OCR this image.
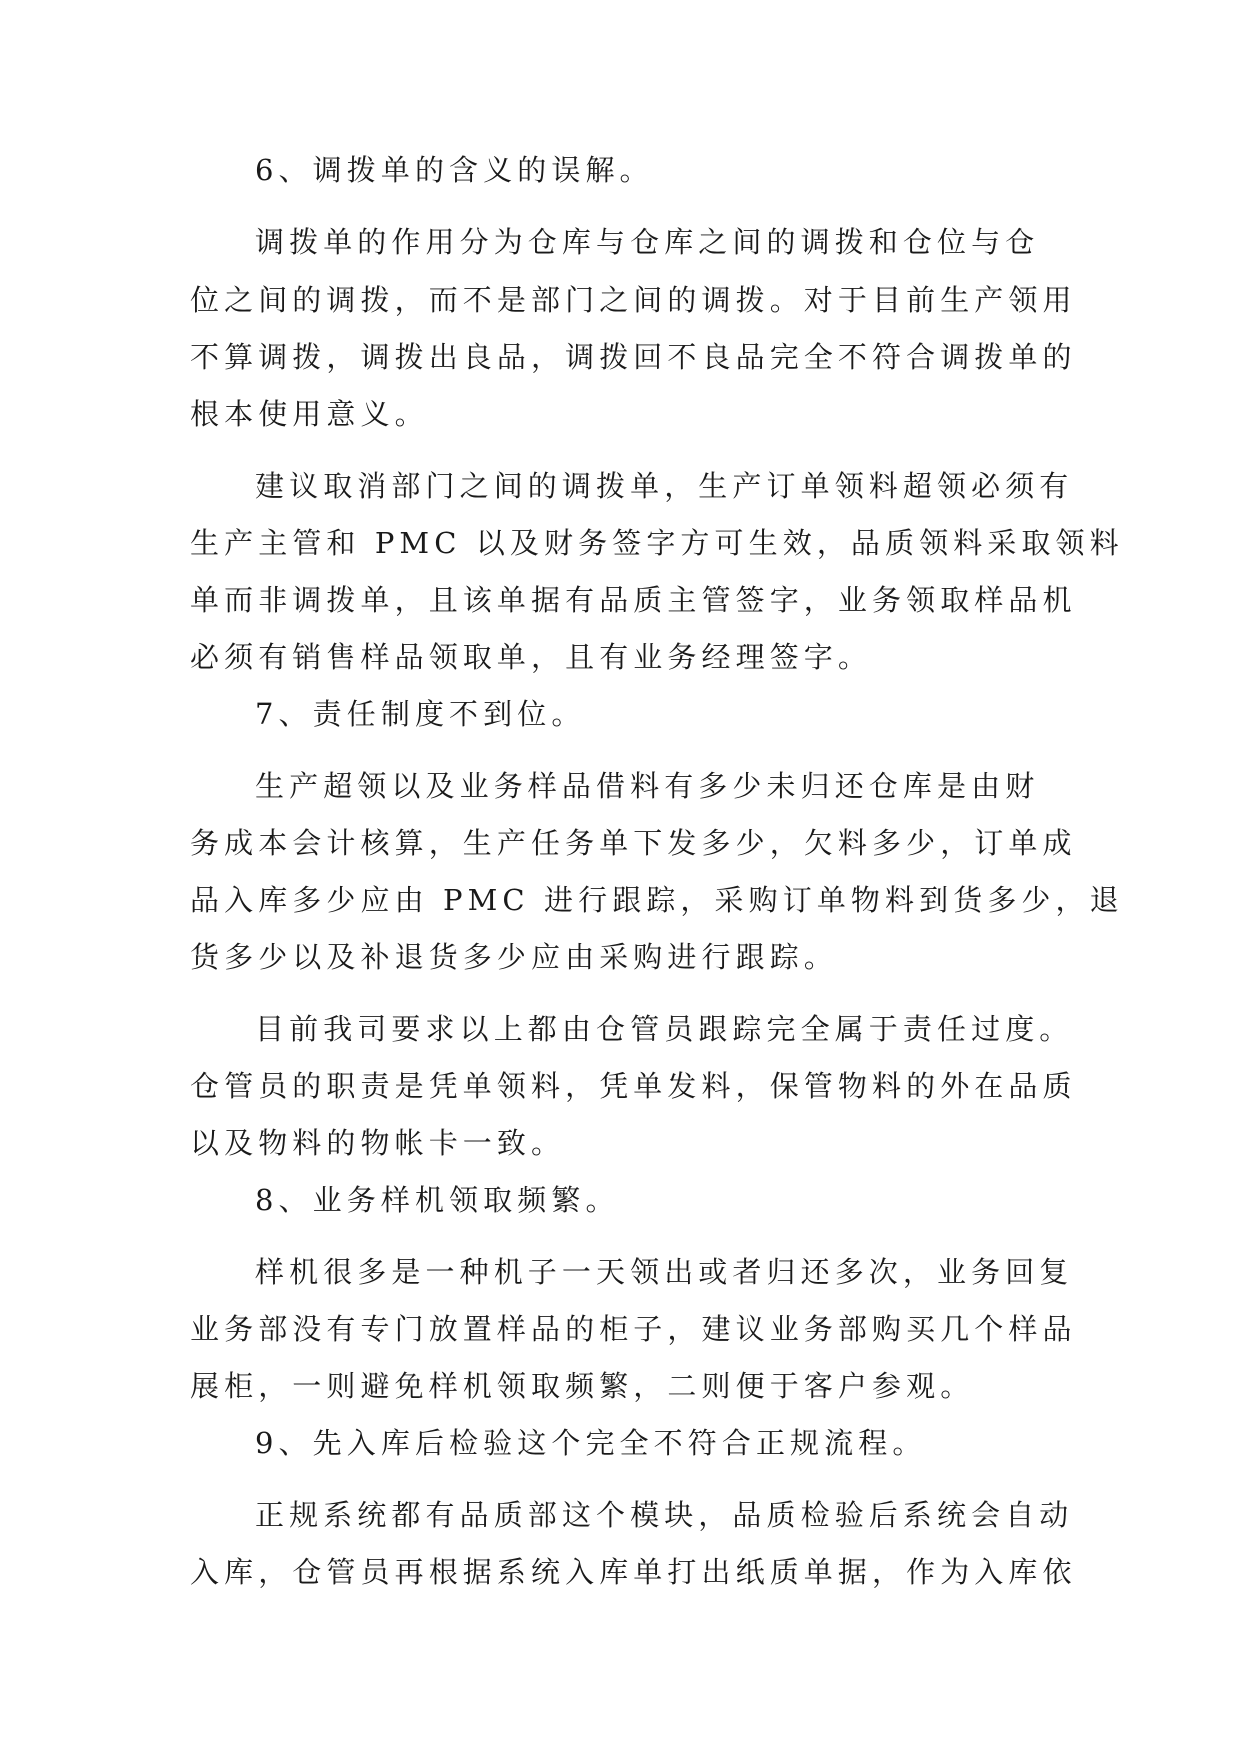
6、调拨单的含义的误解。
调拨单的作用分为仓库与仓库之间的调拨和仓位与仓
位之间的调拨，而不是部门之间的调拨。对于目前生产领用
不算调拨，调拨出良品，调拨回不良品完全不符合调拨单的
根本使用意义。
建议取消部门之间的调拨单，生产订单领料超领必须有
生产主管和 PMC 以及财务签字方可生效，品质领料采取领料
单而非调拨单，且该单据有品质主管签字，业务领取样品机
必须有销售样品领取单，且有业务经理签字。
7、责任制度不到位。
生产超领以及业务样品借料有多少未归还仓库是由财
务成本会计核算，生产任务单下发多少，欠料多少，订单成
品入库多少应由 PMC 进行跟踪，采购订单物料到货多少，退
货多少以及补退货多少应由采购进行跟踪。
目前我司要求以上都由仓管员跟踪完全属于责任过度。
仓管员的职责是凭单领料，凭单发料，保管物料的外在品质
以及物料的物帐卡一致。
8、业务样机领取频繁。
样机很多是一种机子一天领出或者归还多次，业务回复
业务部没有专门放置样品的柜子，建议业务部购买几个样品
展柜，一则避免样机领取频繁，二则便于客户参观。
9、先入库后检验这个完全不符合正规流程。
正规系统都有品质部这个模块，品质检验后系统会自动
入库，仓管员再根据系统入库单打出纸质单据，作为入库依
